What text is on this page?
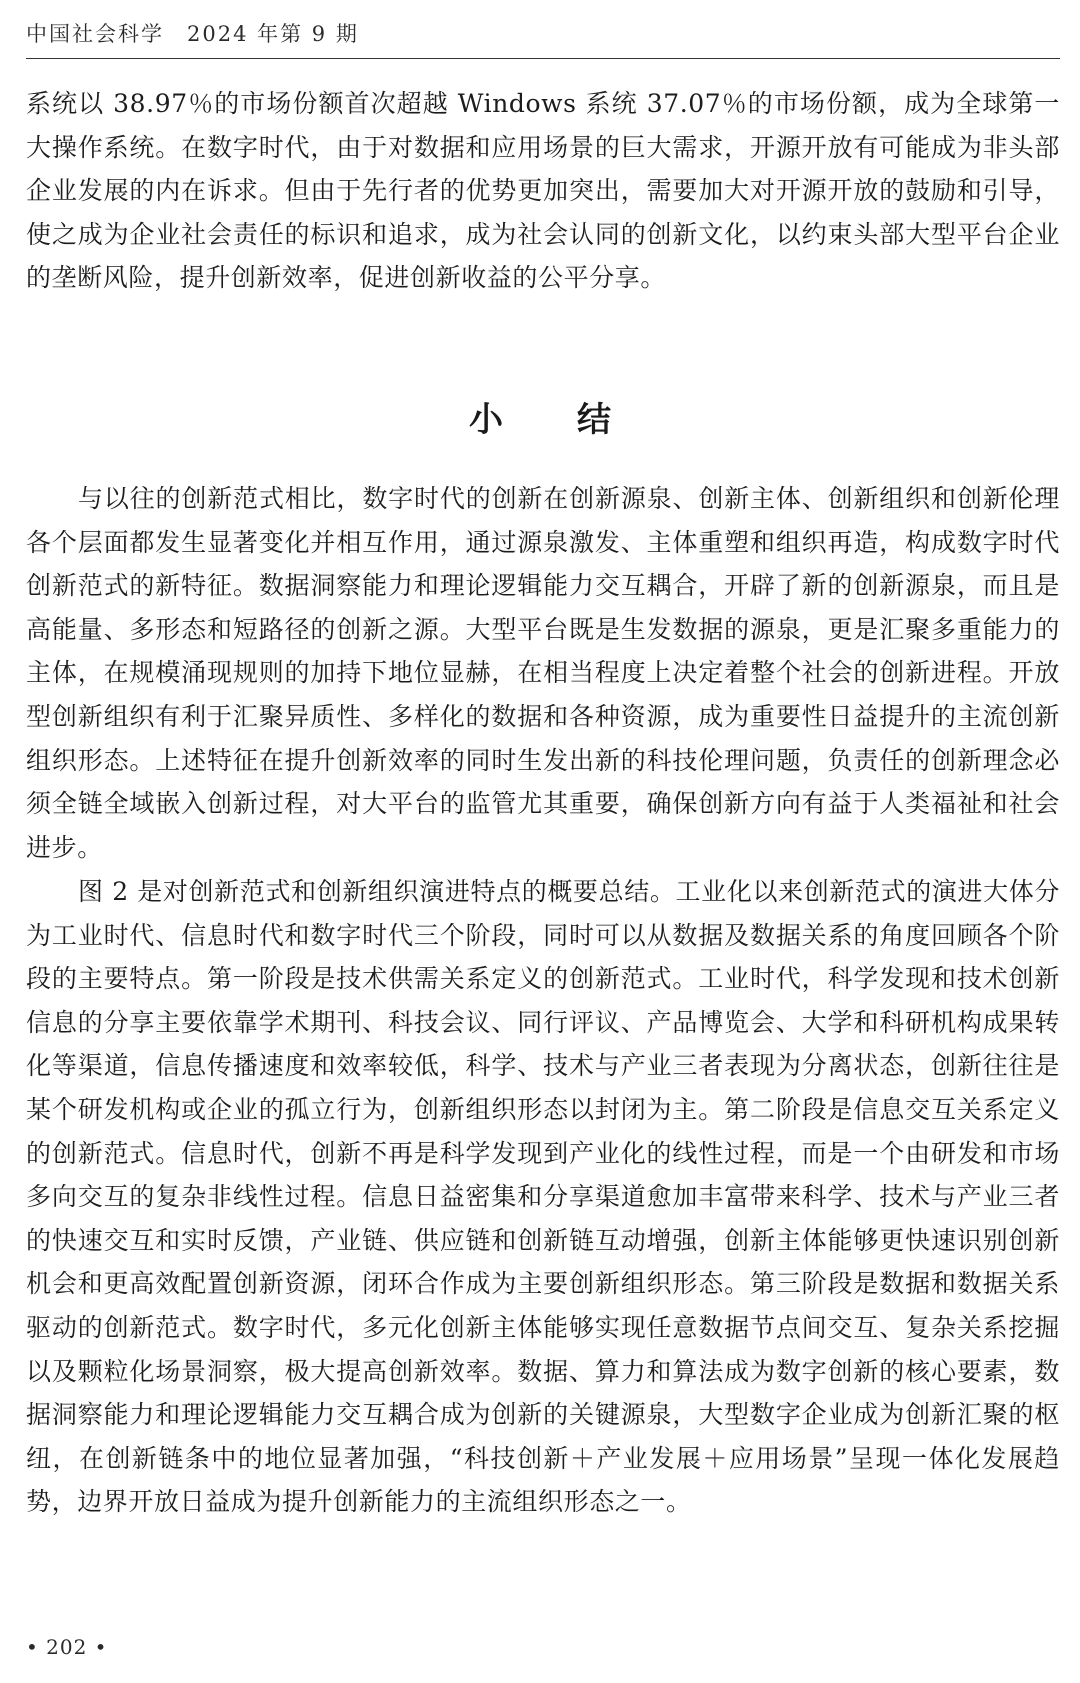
中国社会科学　2024 年第 9 期

系统以 38.97％的市场份额首次超越 Windows 系统 37.07％的市场份额，成为全球第一大操作系统。在数字时代，由于对数据和应用场景的巨大需求，开源开放有可能成为非头部企业发展的内在诉求。但由于先行者的优势更加突出，需要加大对开源开放的鼓励和引导，使之成为企业社会责任的标识和追求，成为社会认同的创新文化，以约束头部大型平台企业的垄断风险，提升创新效率，促进创新收益的公平分享。

小结

与以往的创新范式相比，数字时代的创新在创新源泉、创新主体、创新组织和创新伦理各个层面都发生显著变化并相互作用，通过源泉激发、主体重塑和组织再造，构成数字时代创新范式的新特征。数据洞察能力和理论逻辑能力交互耦合，开辟了新的创新源泉，而且是高能量、多形态和短路径的创新之源。大型平台既是生发数据的源泉，更是汇聚多重能力的主体，在规模涌现规则的加持下地位显赫，在相当程度上决定着整个社会的创新进程。开放型创新组织有利于汇聚异质性、多样化的数据和各种资源，成为重要性日益提升的主流创新组织形态。上述特征在提升创新效率的同时生发出新的科技伦理问题，负责任的创新理念必须全链全域嵌入创新过程，对大平台的监管尤其重要，确保创新方向有益于人类福祉和社会进步。

图 2 是对创新范式和创新组织演进特点的概要总结。工业化以来创新范式的演进大体分为工业时代、信息时代和数字时代三个阶段，同时可以从数据及数据关系的角度回顾各个阶段的主要特点。第一阶段是技术供需关系定义的创新范式。工业时代，科学发现和技术创新信息的分享主要依靠学术期刊、科技会议、同行评议、产品博览会、大学和科研机构成果转化等渠道，信息传播速度和效率较低，科学、技术与产业三者表现为分离状态，创新往往是某个研发机构或企业的孤立行为，创新组织形态以封闭为主。第二阶段是信息交互关系定义的创新范式。信息时代，创新不再是科学发现到产业化的线性过程，而是一个由研发和市场多向交互的复杂非线性过程。信息日益密集和分享渠道愈加丰富带来科学、技术与产业三者的快速交互和实时反馈，产业链、供应链和创新链互动增强，创新主体能够更快速识别创新机会和更高效配置创新资源，闭环合作成为主要创新组织形态。第三阶段是数据和数据关系驱动的创新范式。数字时代，多元化创新主体能够实现任意数据节点间交互、复杂关系挖掘以及颗粒化场景洞察，极大提高创新效率。数据、算力和算法成为数字创新的核心要素，数据洞察能力和理论逻辑能力交互耦合成为创新的关键源泉，大型数字企业成为创新汇聚的枢纽，在创新链条中的地位显著加强，“科技创新＋产业发展＋应用场景”呈现一体化发展趋势，边界开放日益成为提升创新能力的主流组织形态之一。

• 202 •
